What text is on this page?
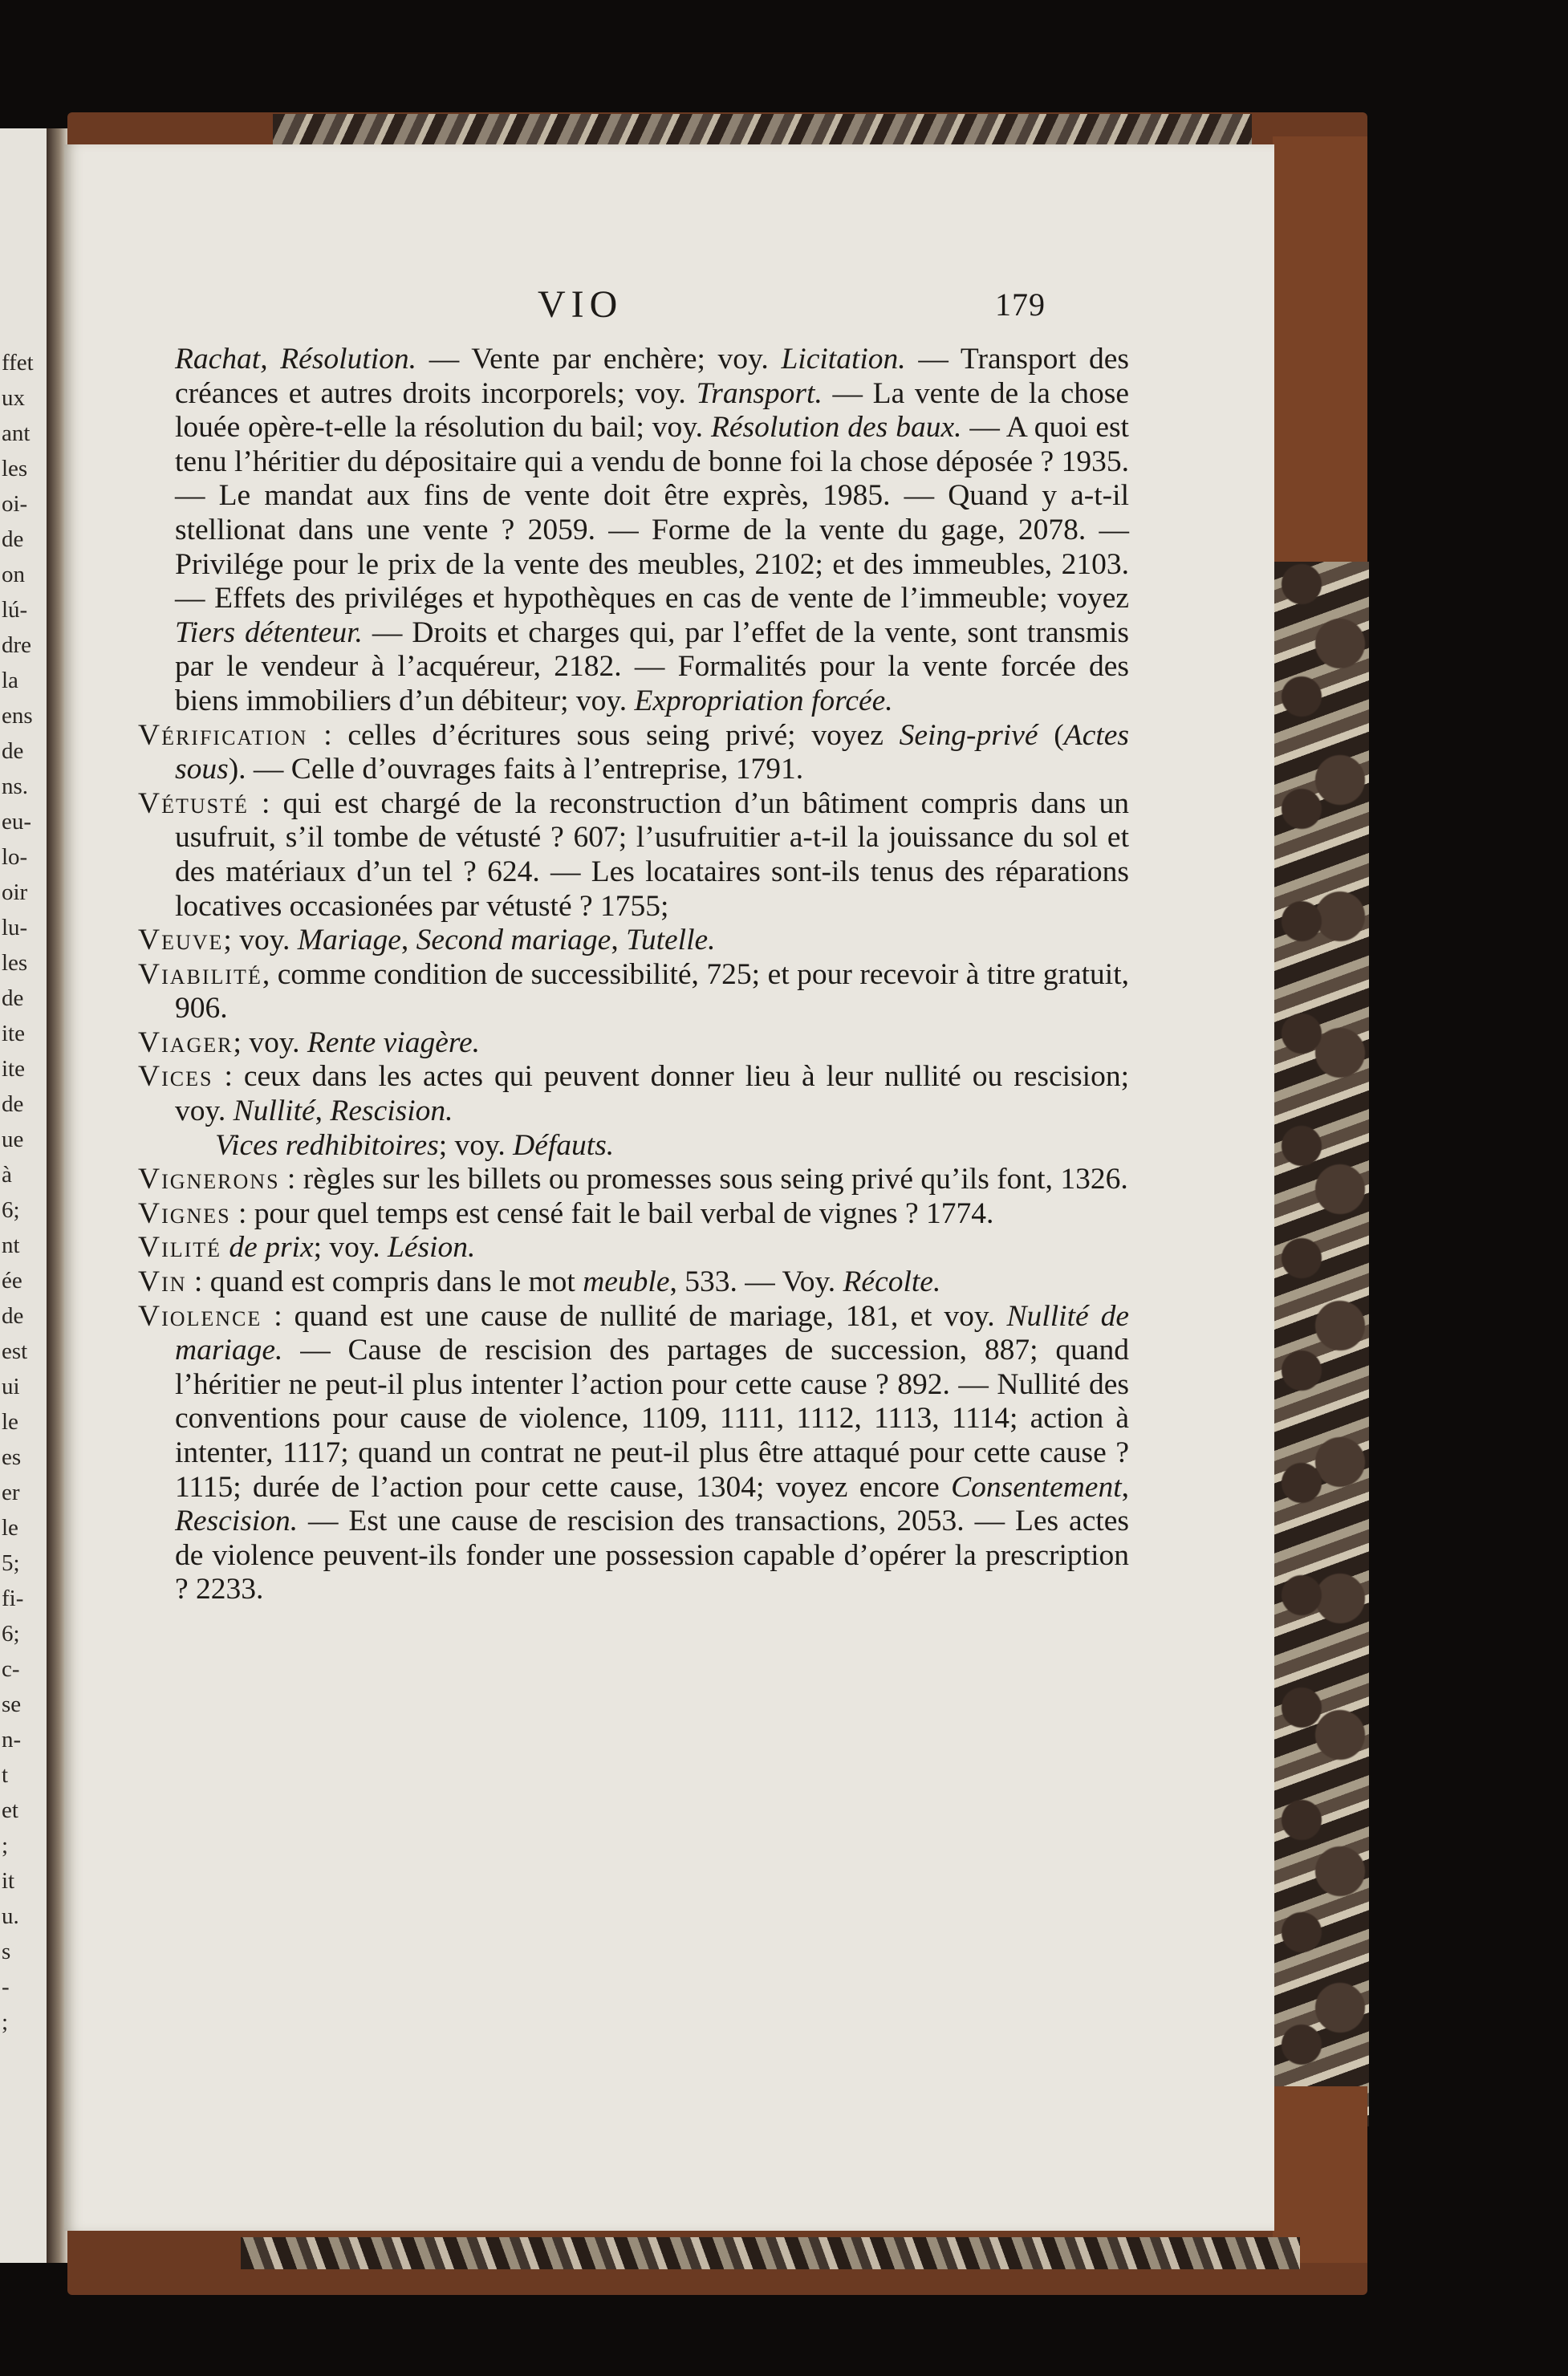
ffet
ux
ant
les
oi-
de
on
lú-
dre
la
ens
de
ns.
eu-
lo-
oir
lu-
les
de
ite
ite
de
ue
à
6;
nt
ée
de
est
ui
le
es
er
le
5;
fi-
6;
c-
se
n-
t
et
;
it
u.
s
-
;
VIO	179

Rachat, Résolution. — Vente par enchère; voy. Licitation. — Transport des créances et autres droits incorporels; voy. Transport. — La vente de la chose louée opère-t-elle la résolution du bail; voy. Résolution des baux. — A quoi est tenu l’héritier du dépositaire qui a vendu de bonne foi la chose déposée ? 1935. — Le mandat aux fins de vente doit être exprès, 1985. — Quand y a-t-il stellionat dans une vente ? 2059. — Forme de la vente du gage, 2078. — Privilége pour le prix de la vente des meubles, 2102; et des immeubles, 2103. — Effets des priviléges et hypothèques en cas de vente de l’immeuble; voyez Tiers détenteur. — Droits et charges qui, par l’effet de la vente, sont transmis par le vendeur à l’acquéreur, 2182. — Formalités pour la vente forcée des biens immobiliers d’un débiteur; voy. Expropriation forcée.

Vérification : celles d’écritures sous seing privé; voyez Seing-privé (Actes sous). — Celle d’ouvrages faits à l’entreprise, 1791.

Vétusté : qui est chargé de la reconstruction d’un bâtiment compris dans un usufruit, s’il tombe de vétusté ? 607; l’usufruitier a-t-il la jouissance du sol et des matériaux d’un tel ? 624. — Les locataires sont-ils tenus des réparations locatives occasionées par vétusté ? 1755;

Veuve; voy. Mariage, Second mariage, Tutelle.

Viabilité, comme condition de successibilité, 725; et pour recevoir à titre gratuit, 906.

Viager; voy. Rente viagère.

Vices : ceux dans les actes qui peuvent donner lieu à leur nullité ou rescision; voy. Nullité, Rescision.

Vices redhibitoires; voy. Défauts.

Vignerons : règles sur les billets ou promesses sous seing privé qu’ils font, 1326.

Vignes : pour quel temps est censé fait le bail verbal de vignes ? 1774.

Vilité de prix; voy. Lésion.

Vin : quand est compris dans le mot meuble, 533. — Voy. Récolte.

Violence : quand est une cause de nullité de mariage, 181, et voy. Nullité de mariage. — Cause de rescision des partages de succession, 887; quand l’héritier ne peut-il plus intenter l’action pour cette cause ? 892. — Nullité des conventions pour cause de violence, 1109, 1111, 1112, 1113, 1114; action à intenter, 1117; quand un contrat ne peut-il plus être attaqué pour cette cause ? 1115; durée de l’action pour cette cause, 1304; voyez encore Consentement, Rescision. — Est une cause de rescision des transactions, 2053. — Les actes de violence peuvent-ils fonder une possession capable d’opérer la prescription ? 2233.
